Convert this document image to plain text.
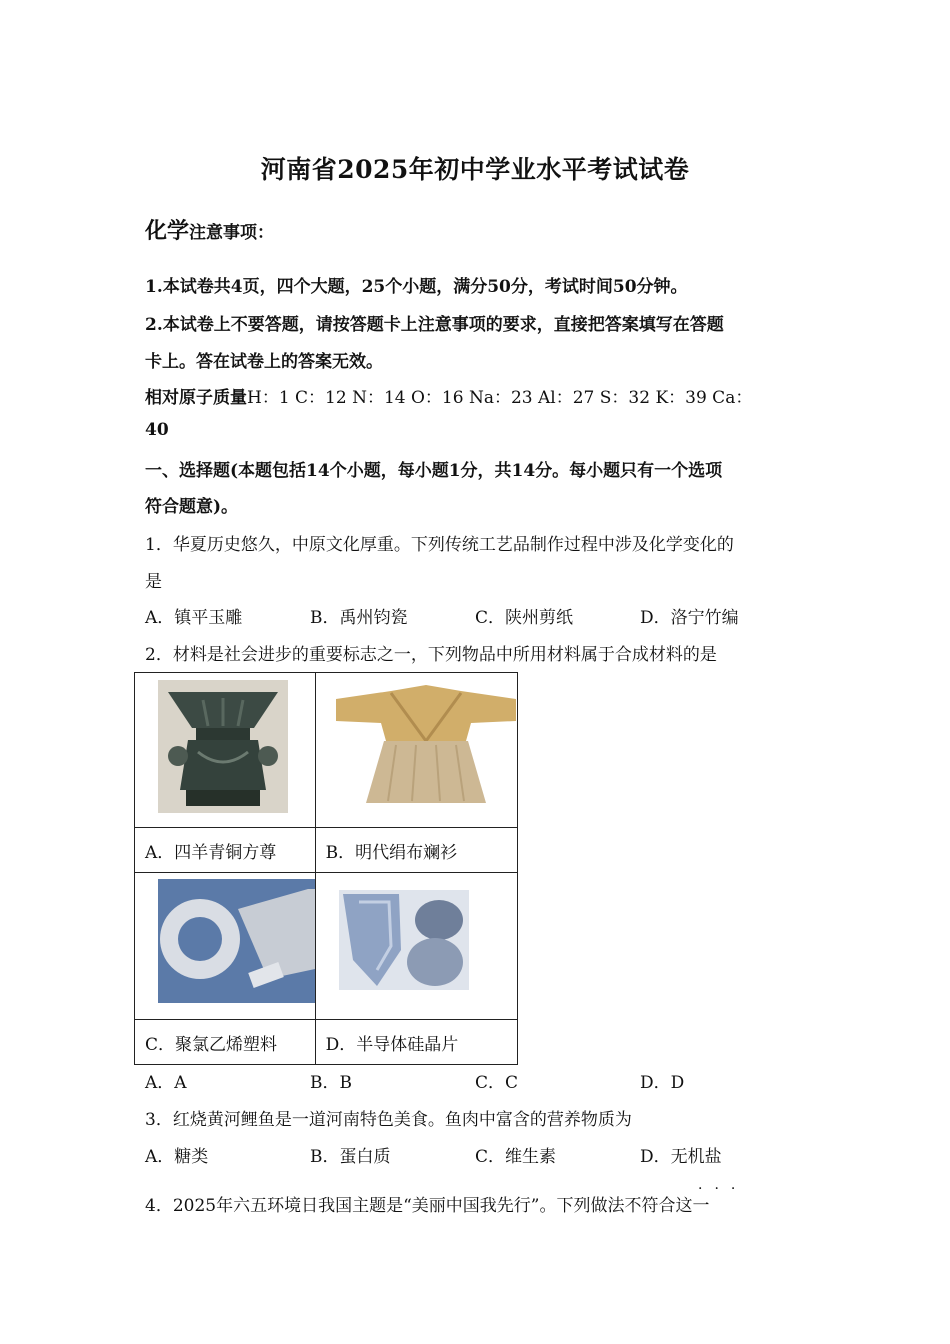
河南省2025年初中学业水平考试试卷
化学注意事项：
1.本试卷共4页，四个大题，25个小题，满分50分，考试时间50分钟。
2.本试卷上不要答题，请按答题卡上注意事项的要求，直接把答案填写在答题
卡上。答在试卷上的答案无效。
相对原子质量H：1 C：12 N：14 O：16 Na：23 Al：27 S：32 K：39 Ca：
40
一、选择题(本题包括14个小题，每小题1分，共14分。每小题只有一个选项
符合题意)。
1．华夏历史悠久，中原文化厚重。下列传统工艺品制作过程中涉及化学变化的
是
A．镇平玉雕	B．禹州钧瓷	C．陕州剪纸	D．洛宁竹编
2．材料是社会进步的重要标志之一，下列物品中所用材料属于合成材料的是

A．四羊青铜方尊	B．明代绢布斓衫

C．聚氯乙烯塑料	D．半导体硅晶片
A．A	B．B	C．C	D．D
3．红烧黄河鲤鱼是一道河南特色美食。鱼肉中富含的营养物质为
A．糖类	B．蛋白质	C．维生素	D．无机盐
···
4．2025年六五环境日我国主题是“美丽中国我先行”。下列做法不符合这一
